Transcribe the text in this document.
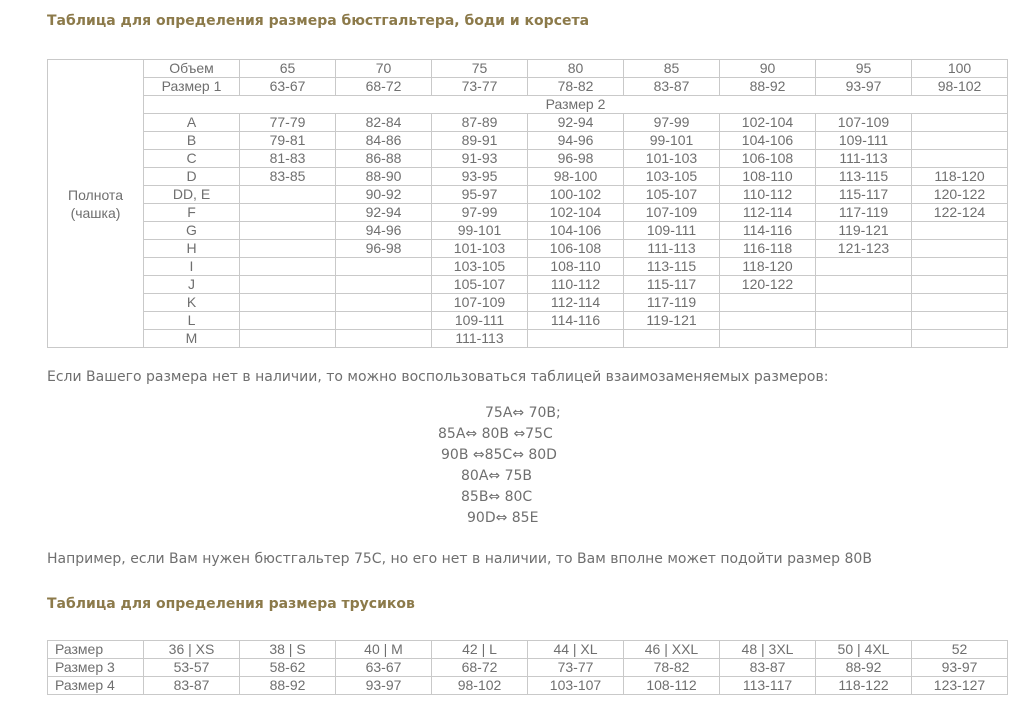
Таблица для определения размера бюстгальтера, боди и корсета
Полнота
(чашка)	Объем	65	70	75	80	85	90	95	100
	Размер 1	63-67	68-72	73-77	78-82	83-87	88-92	93-97	98-102
	Размер 2								
	A	77-79	82-84	87-89	92-94	97-99	102-104	107-109	
	B	79-81	84-86	89-91	94-96	99-101	104-106	109-111	
	C	81-83	86-88	91-93	96-98	101-103	106-108	111-113	
	D	83-85	88-90	93-95	98-100	103-105	108-110	113-115	118-120
	DD, E		90-92	95-97	100-102	105-107	110-112	115-117	120-122
	F		92-94	97-99	102-104	107-109	112-114	117-119	122-124
	G		94-96	99-101	104-106	109-111	114-116	119-121	
	H		96-98	101-103	106-108	111-113	116-118	121-123	
	I			103-105	108-110	113-115	118-120		
	J			105-107	110-112	115-117	120-122		
	K			107-109	112-114	117-119			
	L			109-111	114-116	119-121			
	M			111-113					
Если Вашего размера нет в наличии, то можно воспользоваться таблицей взаимозаменяемых размеров:
75A⇔ 70B;
85A⇔ 80B ⇔75C
90B ⇔85C⇔ 80D
80A⇔ 75B
85B⇔ 80C
90D⇔ 85E
Например, если Вам нужен бюстгальтер 75С, но его нет в наличии, то Вам вполне может подойти размер 80В
Таблица для определения размера трусиков
Размер	36 | XS	38 | S	40 | M	42 | L	44 | XL	46 | XXL	48 | 3XL	50 | 4XL	52
Размер 3	53-57	58-62	63-67	68-72	73-77	78-82	83-87	88-92	93-97
Размер 4	83-87	88-92	93-97	98-102	103-107	108-112	113-117	118-122	123-127
